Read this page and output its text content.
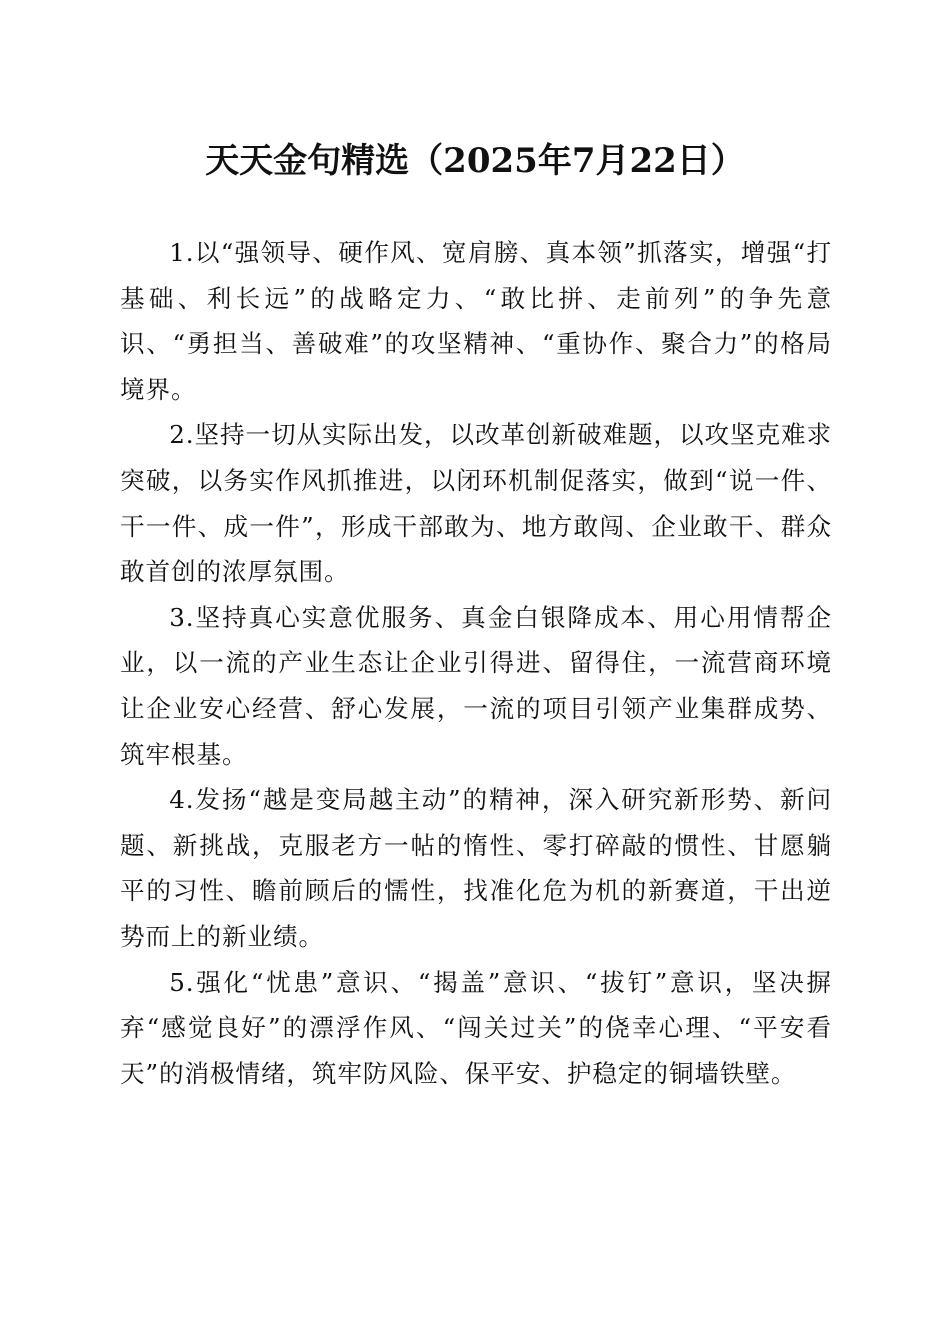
天天金句精选（2025年7月22日）

1.以“强领导、硬作风、宽肩膀、真本领”抓落实，增强“打基础、利长远”的战略定力、“敢比拼、走前列”的争先意识、“勇担当、善破难”的攻坚精神、“重协作、聚合力”的格局境界。

2.坚持一切从实际出发，以改革创新破难题，以攻坚克难求突破，以务实作风抓推进，以闭环机制促落实，做到“说一件、干一件、成一件”，形成干部敢为、地方敢闯、企业敢干、群众敢首创的浓厚氛围。

3.坚持真心实意优服务、真金白银降成本、用心用情帮企业，以一流的产业生态让企业引得进、留得住，一流营商环境让企业安心经营、舒心发展，一流的项目引领产业集群成势、筑牢根基。

4.发扬“越是变局越主动”的精神，深入研究新形势、新问题、新挑战，克服老方一帖的惰性、零打碎敲的惯性、甘愿躺平的习性、瞻前顾后的懦性，找准化危为机的新赛道，干出逆势而上的新业绩。

5.强化“忧患”意识、“揭盖”意识、“拔钉”意识，坚决摒弃“感觉良好”的漂浮作风、“闯关过关”的侥幸心理、“平安看天”的消极情绪，筑牢防风险、保平安、护稳定的铜墙铁壁。
